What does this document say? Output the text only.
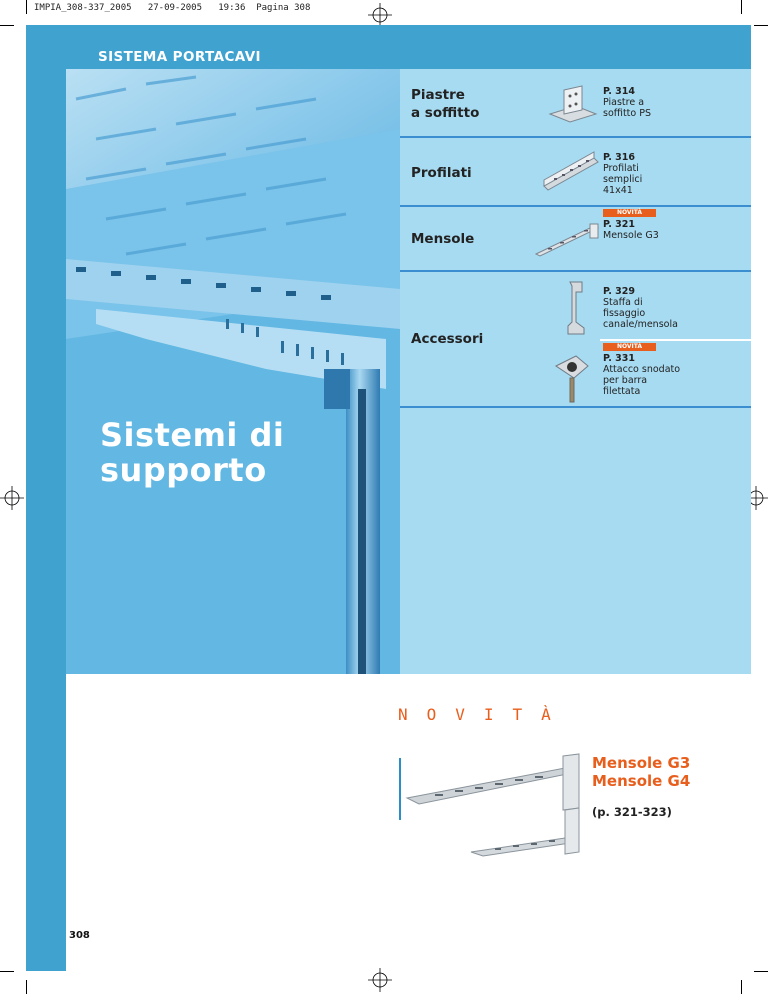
IMPIA_308-337_2005 27-09-2005 19:36 Pagina 308
SISTEMA PORTACAVI
Sistemi di
supporto
Piastre
a soffitto
P. 314
Piastre a
soffitto PS
Profilati
P. 316
Profilati
semplici
41x41
Mensole
NOVITÀ
P. 321
Mensole G3
Accessori
P. 329
Staffa di
fissaggio
canale/mensola
NOVITÀ
P. 331
Attacco snodato
per barra
filettata
NOVITÀ
Mensole G3
Mensole G4
(p. 321-323)
308
